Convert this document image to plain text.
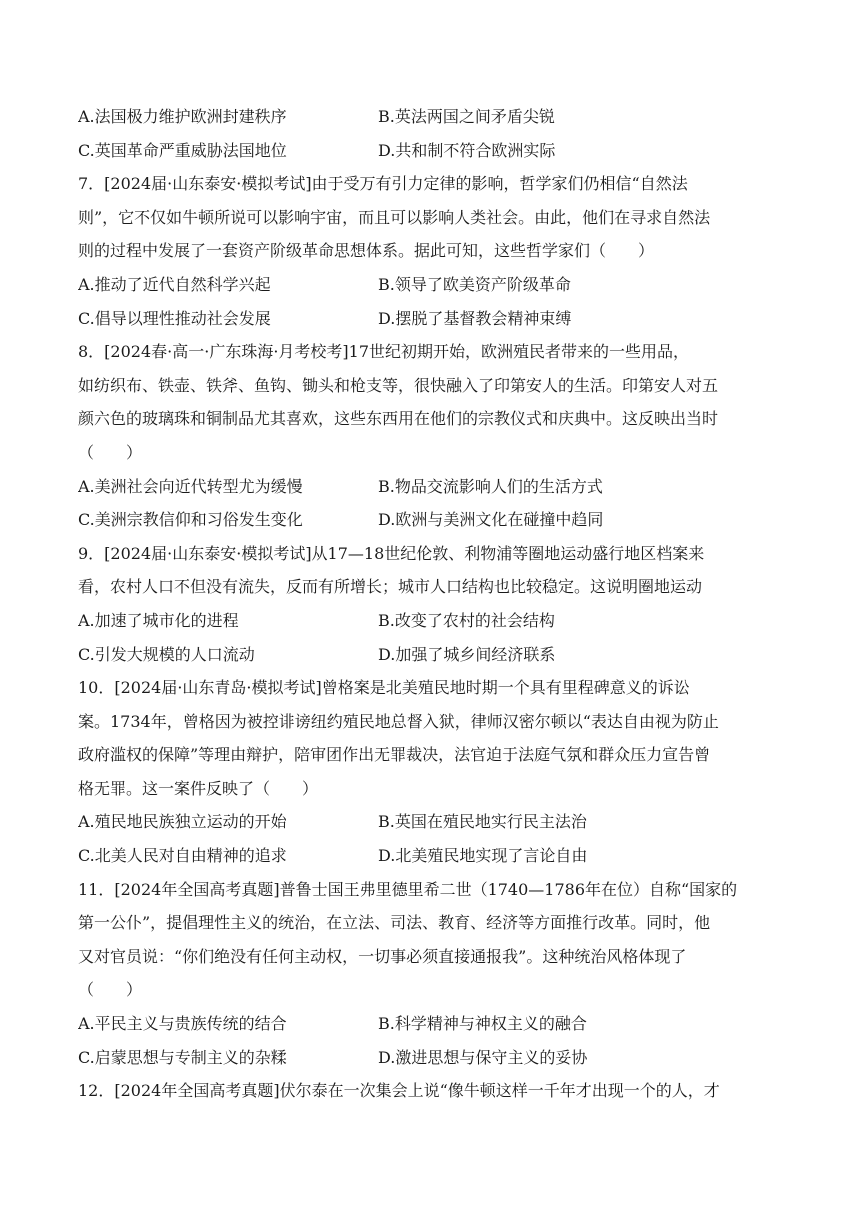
A.法国极力维护欧洲封建秩序	B.英法两国之间矛盾尖锐
C.英国革命严重威胁法国地位	D.共和制不符合欧洲实际
7．[2024届·山东泰安·模拟考试]由于受万有引力定律的影响，哲学家们仍相信“自然法
则”，它不仅如牛顿所说可以影响宇宙，而且可以影响人类社会。由此，他们在寻求自然法
则的过程中发展了一套资产阶级革命思想体系。据此可知，这些哲学家们（　　）
A.推动了近代自然科学兴起	B.领导了欧美资产阶级革命
C.倡导以理性推动社会发展	D.摆脱了基督教会精神束缚
8．[2024春·高一·广东珠海·月考校考]17世纪初期开始，欧洲殖民者带来的一些用品，
如纺织布、铁壶、铁斧、鱼钩、锄头和枪支等，很快融入了印第安人的生活。印第安人对五
颜六色的玻璃珠和铜制品尤其喜欢，这些东西用在他们的宗教仪式和庆典中。这反映出当时
（　　）
A.美洲社会向近代转型尤为缓慢	B.物品交流影响人们的生活方式
C.美洲宗教信仰和习俗发生变化	D.欧洲与美洲文化在碰撞中趋同
9．[2024届·山东泰安·模拟考试]从17—18世纪伦敦、利物浦等圈地运动盛行地区档案来
看，农村人口不但没有流失，反而有所增长；城市人口结构也比较稳定。这说明圈地运动
A.加速了城市化的进程	B.改变了农村的社会结构
C.引发大规模的人口流动	D.加强了城乡间经济联系
10．[2024届·山东青岛·模拟考试]曾格案是北美殖民地时期一个具有里程碑意义的诉讼
案。1734年，曾格因为被控诽谤纽约殖民地总督入狱，律师汉密尔顿以“表达自由视为防止
政府滥权的保障”等理由辩护，陪审团作出无罪裁决，法官迫于法庭气氛和群众压力宣告曾
格无罪。这一案件反映了（　　）
A.殖民地民族独立运动的开始	B.英国在殖民地实行民主法治
C.北美人民对自由精神的追求	D.北美殖民地实现了言论自由
11．[2024年全国高考真题]普鲁士国王弗里德里希二世（1740—1786年在位）自称“国家的
第一公仆”，提倡理性主义的统治，在立法、司法、教育、经济等方面推行改革。同时，他
又对官员说：“你们绝没有任何主动权，一切事必须直接通报我”。这种统治风格体现了
（　　）
A.平民主义与贵族传统的结合	B.科学精神与神权主义的融合
C.启蒙思想与专制主义的杂糅	D.激进思想与保守主义的妥协
12．[2024年全国高考真题]伏尔泰在一次集会上说“像牛顿这样一千年才出现一个的人，才
